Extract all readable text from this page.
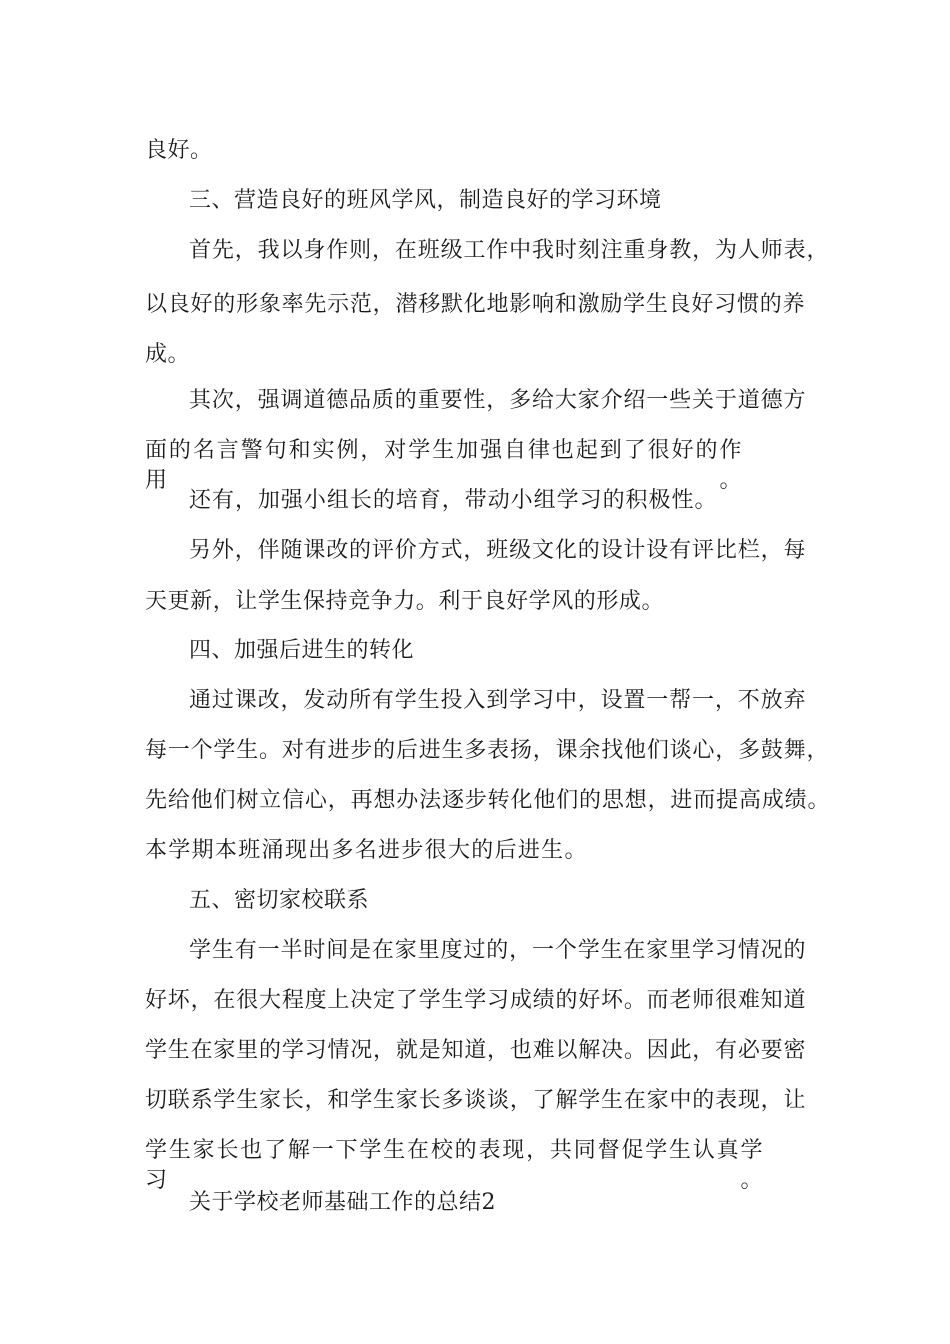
良好。
三、营造良好的班风学风，制造良好的学习环境
首先，我以身作则，在班级工作中我时刻注重身教，为人师表，
以良好的形象率先示范，潜移默化地影响和激励学生良好习惯的养
成。
其次，强调道德品质的重要性，多给大家介绍一些关于道德方
面的名言警句和实例，对学生加强自律也起到了很好的作用。
还有，加强小组长的培育，带动小组学习的积极性。
另外，伴随课改的评价方式，班级文化的设计设有评比栏，每
天更新，让学生保持竞争力。利于良好学风的形成。
四、加强后进生的转化
通过课改，发动所有学生投入到学习中，设置一帮一，不放弃
每一个学生。对有进步的后进生多表扬，课余找他们谈心，多鼓舞，
先给他们树立信心，再想办法逐步转化他们的思想，进而提高成绩。
本学期本班涌现出多名进步很大的后进生。
五、密切家校联系
学生有一半时间是在家里度过的，一个学生在家里学习情况的
好坏，在很大程度上决定了学生学习成绩的好坏。而老师很难知道
学生在家里的学习情况，就是知道，也难以解决。因此，有必要密
切联系学生家长，和学生家长多谈谈，了解学生在家中的表现，让
学生家长也了解一下学生在校的表现，共同督促学生认真学习。
关于学校老师基础工作的总结2
